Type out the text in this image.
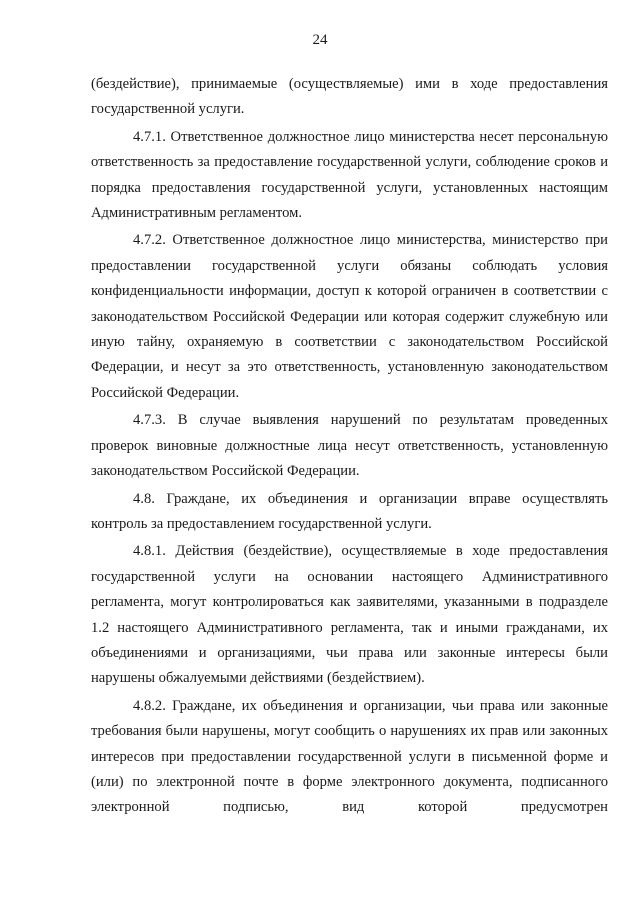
24

(бездействие), принимаемые (осуществляемые) ими в ходе предоставления государственной услуги.

4.7.1. Ответственное должностное лицо министерства несет персональную ответственность за предоставление государственной услуги, соблюдение сроков и порядка предоставления государственной услуги, установленных настоящим Административным регламентом.

4.7.2. Ответственное должностное лицо министерства, министерство при предоставлении государственной услуги обязаны соблюдать условия конфиденциальности информации, доступ к которой ограничен в соответствии с законодательством Российской Федерации или которая содержит служебную или иную тайну, охраняемую в соответствии с законодательством Российской Федерации, и несут за это ответственность, установленную законодательством Российской Федерации.

4.7.3. В случае выявления нарушений по результатам проведенных проверок виновные должностные лица несут ответственность, установленную законодательством Российской Федерации.

4.8. Граждане, их объединения и организации вправе осуществлять контроль за предоставлением государственной услуги.

4.8.1. Действия (бездействие), осуществляемые в ходе предоставления государственной услуги на основании настоящего Административного регламента, могут контролироваться как заявителями, указанными в подразделе 1.2 настоящего Административного регламента, так и иными гражданами, их объединениями и организациями, чьи права или законные интересы были нарушены обжалуемыми действиями (бездействием).

4.8.2. Граждане, их объединения и организации, чьи права или законные требования были нарушены, могут сообщить о нарушениях их прав или законных интересов при предоставлении государственной услуги в письменной форме и (или) по электронной почте в форме электронного документа, подписанного электронной подписью, вид которой предусмотрен
